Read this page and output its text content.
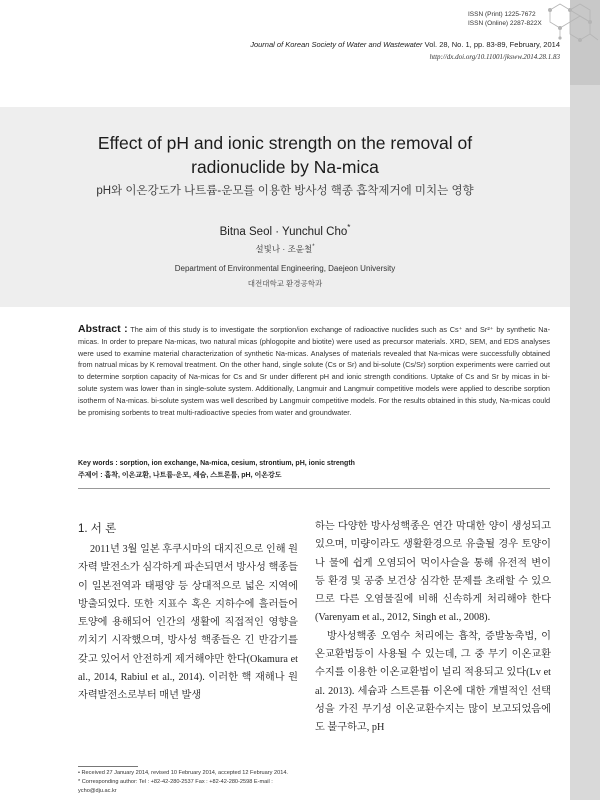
ISSN (Print) 1225-7672
ISSN (Online) 2287-822X
Journal of Korean Society of Water and Wastewater Vol. 28, No. 1, pp. 83-89, February, 2014
http://dx.doi.org/10.11001/jksww.2014.28.1.83
Effect of pH and ionic strength on the removal of
radionuclide by Na-mica
pH와 이온강도가 나트륨-운모를 이용한 방사성 핵종 흡착제거에 미치는 영향
Bitna Seol · Yunchul Cho*
설빛나 · 조윤철*
Department of Environmental Engineering, Daejeon University
대전대학교 환경공학과
Abstract : The aim of this study is to investigate the sorption/ion exchange of radioactive nuclides such as Cs⁺ and Sr²⁺ by synthetic Na-micas. In order to prepare Na-micas, two natural micas (phlogopite and biotite) were used as precursor materials. XRD, SEM, and EDS analyses were used to examine material characterization of synthetic Na-micas. Analyses of materials revealed that Na-micas were successfully obtained from natrual micas by K removal treatment. On the other hand, single solute (Cs or Sr) and bi-solute (Cs/Sr) sorption experiments were carried out to determine sorption capacity of Na-micas for Cs and Sr under different pH and ionic strength conditions. Uptake of Cs and Sr by micas in bi-solute system was lower than in single-solute system. Additionally, Langmuir and Langmuir competitive models were applied to describe sorption isotherm of Na-micas. bi-solute system was well described by Langmuir competitive models. For the results obtained in this study, Na-micas could be promising sorbents to treat multi-radioactive species from water and groundwater.
Key words : sorption, ion exchange, Na-mica, cesium, strontium, pH, ionic strength
주제어 : 흡착, 이온교환, 나트륨-운모, 세슘, 스트론튬, pH, 이온강도
1. 서 론

2011년 3월 일본 후쿠시마의 대지진으로 인해 원자력 발전소가 심각하게 파손되면서 방사성 핵종들이 일본전역과 태평양 등 상대적으로 넓은 지역에 방출되었다. 또한 지표수 혹은 지하수에 흘러들어 토양에 용해되어 인간의 생활에 직접적인 영향을 끼치기 시작했으며, 방사성 핵종들은 긴 반감기를 갖고 있어서 안전하게 제거해야만 한다(Okamura et al., 2014, Rabiul et al., 2014). 이러한 핵 재해나 원자력발전소로부터 매년 발생

하는 다양한 방사성핵종은 연간 막대한 양이 생성되고 있으며, 미량이라도 생활환경으로 유출될 경우 토양이나 물에 쉽게 오염되어 먹이사슬을 통해 유전적 변이 등 환경 및 공중 보건상 심각한 문제를 초래할 수 있으므로 다른 오염물질에 비해 신속하게 처리해야 한다(Varenyam et al., 2012, Singh et al., 2008).

방사성핵종 오염수 처리에는 흡착, 증발농축법, 이온교환법등이 사용될 수 있는데, 그 중 무기 이온교환수지를 이용한 이온교환법이 널리 적용되고 있다(Lv et al. 2013). 세슘과 스트론튬 이온에 대한 개별적인 선택성을 가진 무기성 이온교환수지는 많이 보고되었음에도 불구하고, pH

• Received 27 January 2014, revised 10 February 2014, accepted 12 February 2014.
* Corresponding author: Tel : +82-42-280-2537 Fax : +82-42-280-2598 E-mail : ycho@dju.ac.kr
